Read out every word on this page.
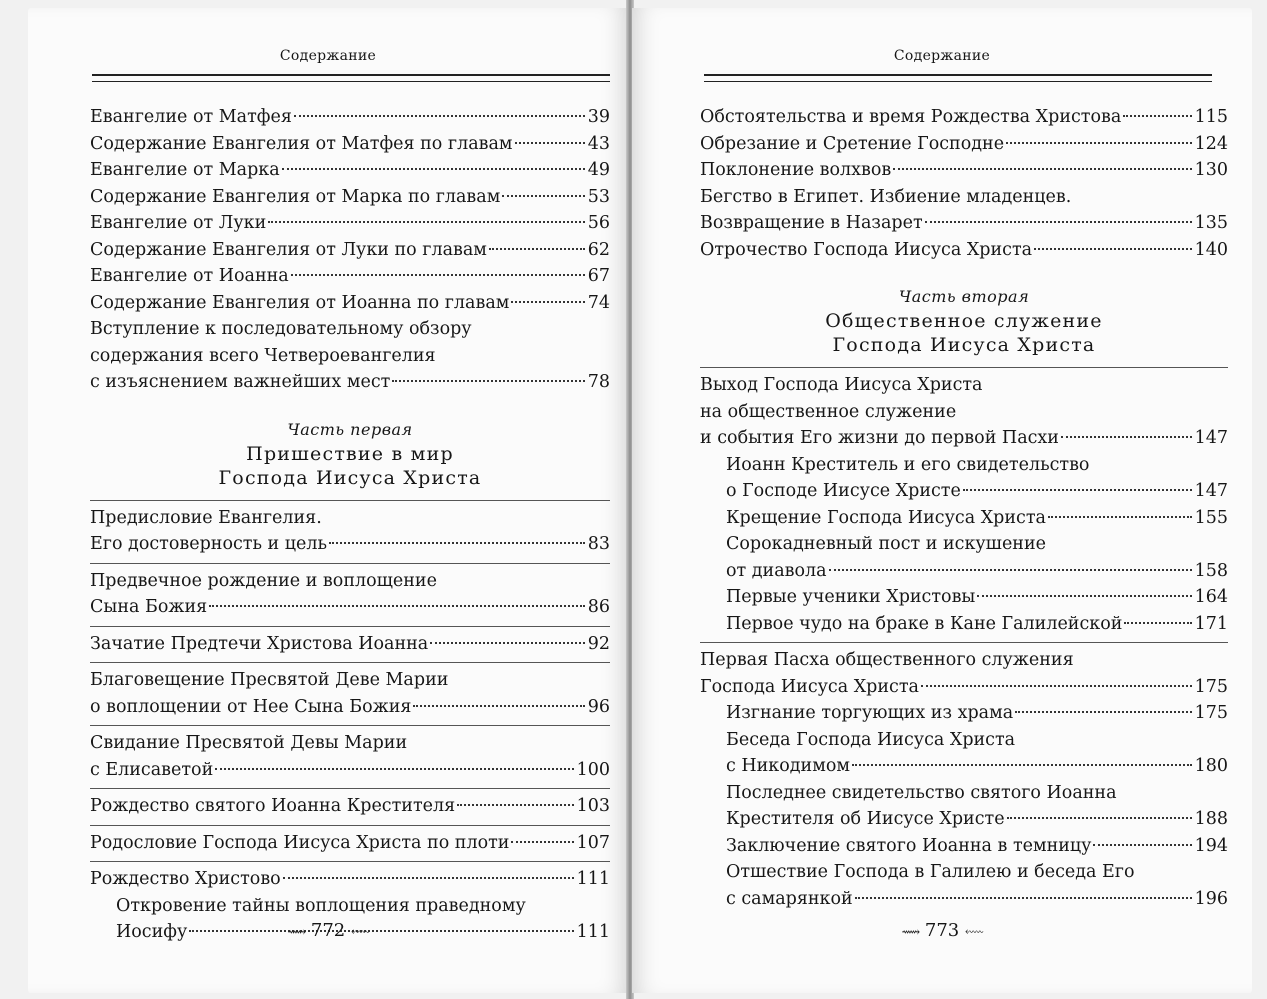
Содержание
Евангелие от Матфея	39
Содержание Евангелия от Матфея по главам	43
Евангелие от Марка	49
Содержание Евангелия от Марка по главам	53
Евангелие от Луки	56
Содержание Евангелия от Луки по главам	62
Евангелие от Иоанна	67
Содержание Евангелия от Иоанна по главам	74
Вступление к последовательному обзору
содержания всего Четвероевангелия
с изъяснением важнейших мест	78
Часть первая
Пришествие в мир
Господа Иисуса Христа
Предисловие Евангелия.
Его достоверность и цель	83
Предвечное рождение и воплощение
Сына Божия	86
Зачатие Предтечи Христова Иоанна	92
Благовещение Пресвятой Деве Марии
о воплощении от Нее Сына Божия	96
Свидание Пресвятой Девы Марии
с Елисаветой	100
Рождество святого Иоанна Крестителя	103
Родословие Господа Иисуса Христа по плоти	107
Рождество Христово	111
Откровение тайны воплощения праведному
Иосифу	111
⟿ 772 ⬳
Содержание
Обстоятельства и время Рождества Христова	115
Обрезание и Сретение Господне	124
Поклонение волхвов	130
Бегство в Египет. Избиение младенцев.
Возвращение в Назарет	135
Отрочество Господа Иисуса Христа	140
Часть вторая
Общественное служение
Господа Иисуса Христа
Выход Господа Иисуса Христа
на общественное служение
и события Его жизни до первой Пасхи	147
Иоанн Креститель и его свидетельство
о Господе Иисусе Христе	147
Крещение Господа Иисуса Христа	155
Сорокадневный пост и искушение
от диавола	158
Первые ученики Христовы	164
Первое чудо на браке в Кане Галилейской	171
Первая Пасха общественного служения
Господа Иисуса Христа	175
Изгнание торгующих из храма	175
Беседа Господа Иисуса Христа
с Никодимом	180
Последнее свидетельство святого Иоанна
Крестителя об Иисусе Христе	188
Заключение святого Иоанна в темницу	194
Отшествие Господа в Галилею и беседа Его
с самарянкой	196
⟿ 773 ⬳
